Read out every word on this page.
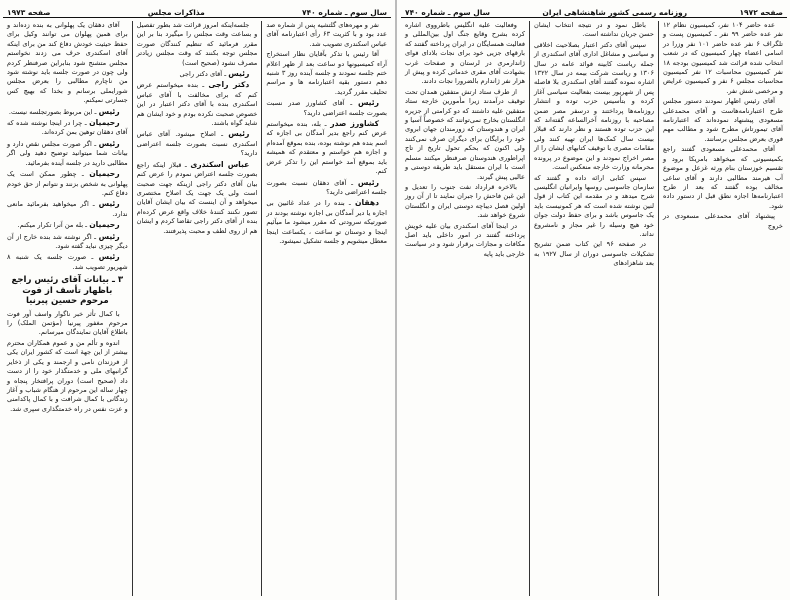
صفحه ۱۹۷۳	مذاکرات مجلس	سال سوم ـ شماره ۷۴۰

نفر و مهره‌های گلتشیه پس از شماره صد عدد بود و با کثریت ۶۳ رأی اعتبارنامه آقای عباس اسکندری تصویب شد.

آقا رئیس با تذکر بآقایان نظار استخراج آراء کمیسیونها دو ساعت بعد از ظهر اعلام ختم جلسه نمودند و جلسه آینده روز ۳ شنبه دهم دستور بقیه اعتبارنامه ها و مراسم تحلیف مقرر گردید.

رئیس ـ آقای کشاورز صدر نسبت بصورت جلسه اعتراضی دارید؟

کشاورز صدر ـ بله، بنده میخواستم عرض کنم راجع بدیر آمدگان بی اجازه که اسم بنده هم نوشته بوده، بنده بموقع آمده‌ام و اجازه هم خواستم و معتقدم که همیشه باید بموقع آمد خواستم این را تذکر عرض کنم.

رئیس ـ آقای دهقان نسبت بصورت جلسه اعتراضی دارید؟

دهقان ـ بنده را در عداد غائبین بی اجازه یا دیر آمدگان بی اجازه نوشته بودند در صورتیکه سرودتی که مقرر میشود ما میآئیم اینجا و دوستان تو ساعت ، یکساعت اینجا معطل میشویم و جلسه تشکیل نمیشود.

جلسه‌اینکه امروز قرائت شد بطور تفصیل و بساعت وقت مجلس را میگیرد بنا بر این مقرر فرمائید که تنظیم کنندگان صورت مجلس توجه بکنند که وقت مجلس زیادتر مصرف نشود (صحیح است)

رئیس ـ آقای دکتر راجی

دکتر راجی ـ بنده میخواستم عرض کنم که برای مخالفت با آقای عباس اسکندری بنده با آقای دکتر اعتبار در این خصوص صحبت نکرده بودم و خود ایشان هم شاید گواه باشند.

رئیس ـ اصلاح میشود. آقای عباس اسکندری نسبت بصورت جلسه اعتراضی دارید؟

عباس اسکندری ـ قبلاز اینکه راجع بصورت جلسه اعتراض نمودم را عرض کنم بیان آقای دکتر راجی ازینکه جهت صحبت است ولی یک جهت یک اصلاح مختصری میخواهد و آن اینست که بیان ایشان آقایان تصور نکنند کنندهٔ خلاف واقع عرض کرده‌ام بنده از آقای دکتر راجی تقاضا کردم و ایشان هم از روی لطف و محبت پذیرفتند.

آقای دهقان یک پهلوانی به بنده زده‌اند و برای همین پهلوان می توانند وکیل برای حفظ حیثیت خودش دفاع کند من برای اینکه آقای اسکندری حرف می زدند نخواستم مجلس متشنج شود بنابراین صرفنظر کردم ولی چون در صورت جلسه باید نوشته شود من ناچارم مطالبی را بعرض مجلس شورایملی برسانم و بخدا که بهیچ کس جسارتی نمیکنم.

رئیس ـ این مربوط بصورتجلسه نیست.

رحیمیان ـ چرا در اینجا نوشته شده که آقای دهقان توهین بمن کرده‌اند.

رئیس ـ اگر صورت مجلس نقص دارد و بیانات شما میتوانید توضیح دهید ولی اگر مطالبی دارید در جلسه آینده بفرمائید.

رحیمیان ـ چطور ممکن است یک پهلوانی به شخص بزنند و نتوانم از حق خودم دفاع کنم.

رئیس ـ اگر میخواهید بفرمائید مانعی ندارد.

رحیمیان ـ بله من آنرا تکرار میکنم.

رئیس ـ اگر نوشته شد بنده خارج از آن دیگر چیزی نباید گفته شود.

رئیس ـ صورت جلسه یک شنبه ۸ شهریور تصویب شد.

۳ ـ بیانات آقای رئیس راجع باظهار تأسف از فوت مرحوم حسین پیرنیا

با کمال تأثر خبر ناگوار واسف آور فوت مرحوم مغفور پیرنیا (مؤتمن الملک) را باطلاع آقایان نمایندگان میرسانم.

اندوه و تألم من و عموم همکاران محترم بیشتر از این جهة است که کشور ایران یکی از فرزندان نامی و ارجمند و یکی از ذخایر گرانبهای ملی و خدمتگذار خود را از دست داد (صحیح است) دوران پرافتخار پنجاه و چهار ساله این مرحوم از هنگام شباب و آغاز زندگانی با کمال شرافت و با کمال پاکدامنی و عزت نفس در راه خدمتگذاری سپری شد.

سال سوم ـ شماره ۷۴۰	روزنامه رسمی کشور شاهنشاهی ایران	صفحه ۱۹۷۲

عده حاضر ۱۰۴ نفر، کمیسیون نظام ۱۲ نفر عده حاضر ۹۹ نفر ـ کمیسیون پست و تلگراف ۶ نفر عده حاضر ۱۰۱ نفر وزرا در اسامی اعضاء چهار کمیسیون که در شعب انتخاب شده قرائت شد کمیسیون بودجه ۱۸ نفر کمیسیون محاسبات ۱۲ نفر کمیسیون محاسبات مجلس ۶ نفر و کمیسیون عرایض و مرخصی شش نفر.

آقای رئیس اظهار نمودند دستور مجلس طرح اعتبارنامه‌هاست و آقای محمدعلی مسعودی پیشنهاد نموده‌اند که اعتبارنامه آقای تیمورتاش مطرح شود و مطالب مهم فوری بعرض مجلس برسانند.

آقای محمدعلی مسعودی گفتند راجع بکمیسیونی که میخواهد بامریکا برود و تقسیم خوزستان بنام ورثه غزعل و موضوع آب هیرمند مطالبی دارند و آقای ساعی مخالف بوده گفتند که بعد از طرح اعتبارنامه‌ها اجازه نطق قبل از دستور داده شود.

پیشنهاد آقای محمدعلی مسعودی در خروج

باطل نمود و در نتیجه انتخاب ایشان حسن جریان نداشته است.

سپس آقای دکتر اعتبار بصلاحیت اخلاقی و سیاسی و مشاغل اداری آقای اسکندری از جمله ریاست کابینه فوائد عامه در سال ۱۳۰۶ و ریاست شرکت بیمه در سال ۱۳۲۲ اشاره نموده گفتند آقای اسکندری بلا فاصله پس از شهریور بیست بفعالیت سیاسی آغاز کرده و بتأسیس حزب توده و انتشار روزنامه‌ها پرداختند و درسفر مصر ضمن مصاحبه با روزنامه آخرالساعه گفته‌اند که این حزب توده هستند و نظر دارند که قبلاز بیست سال کمک‌ها ایران تهیه کنند ولی مقامات مصری با توقیف کتابهای ایشان را از مصر اخراج نمودند و این موضوع در پرونده محرمانه وزارت خارجه منعکس است.

سپس کتابی ارائه داده و گفتند که سازمان جاسوسی روسها وایرانیان انگلیسی شرح میدهد و در مقدمه این کتاب از قول لنین نوشته شده است که هر کمونیست باید یک جاسوس باشد و برای حفظ دولت جوان خود هیچ وسیله را غیر مجاز و نامشروع نداند.

در صفحه ۹۶ این کتاب ضمن تشریح تشکیلات جاسوسی دوران از سال ۱۹۲۷ به بعد شاهزادهای

وفعالیت علیه انگلیس باطرووی اشاره کرده بشرح وقایع جنگ اول بین‌المللی و فعالیت همسایگان در ایران پرداخته گفتند که بارقهای جزیی خود برای نجات بلادای فوای ژاندارمری در لرستان و صفحات غرب بشهادت آقای مقری خدماتی کرده و پیش از هزار نفر ژاندارم بالضرورا نجات دادند.

از طرف ستاد ارتش متفقین همدان تحت توقیف درآمدند زیرا مأمورین خارجه ستاد متفقین علیه داشتند که دو کرامتی از جزیره انگلستان بخارج نمی‌توانند که خصوصاً آسیا و ایران و هندوستان که زورمندان جهان ابروی خود را برایگان برای دیگران صرف نمی‌کنند ولی اکنون که بحکم تحول تاریخ از تاج اپراطوری هندوستان صرفنظر میکنند مسلم است با ایران مستقل باید طریقه دوستی و عالیی پیش گیرند.

بالاخره قرارداد نفت جنوب را تعدیل و این غبن فاحش را جبران نمایند تا از آن روز اولین فصل دیباچه دوستی ایران و انگلستان شروع خواهد شد.

در اینجا آقای اسکندری بیان علیه خویش پرداخته گفتند در امور داخلی باید اصل مکافات و مجازات برقرار شود و در سیاست خارجی باید پایه
